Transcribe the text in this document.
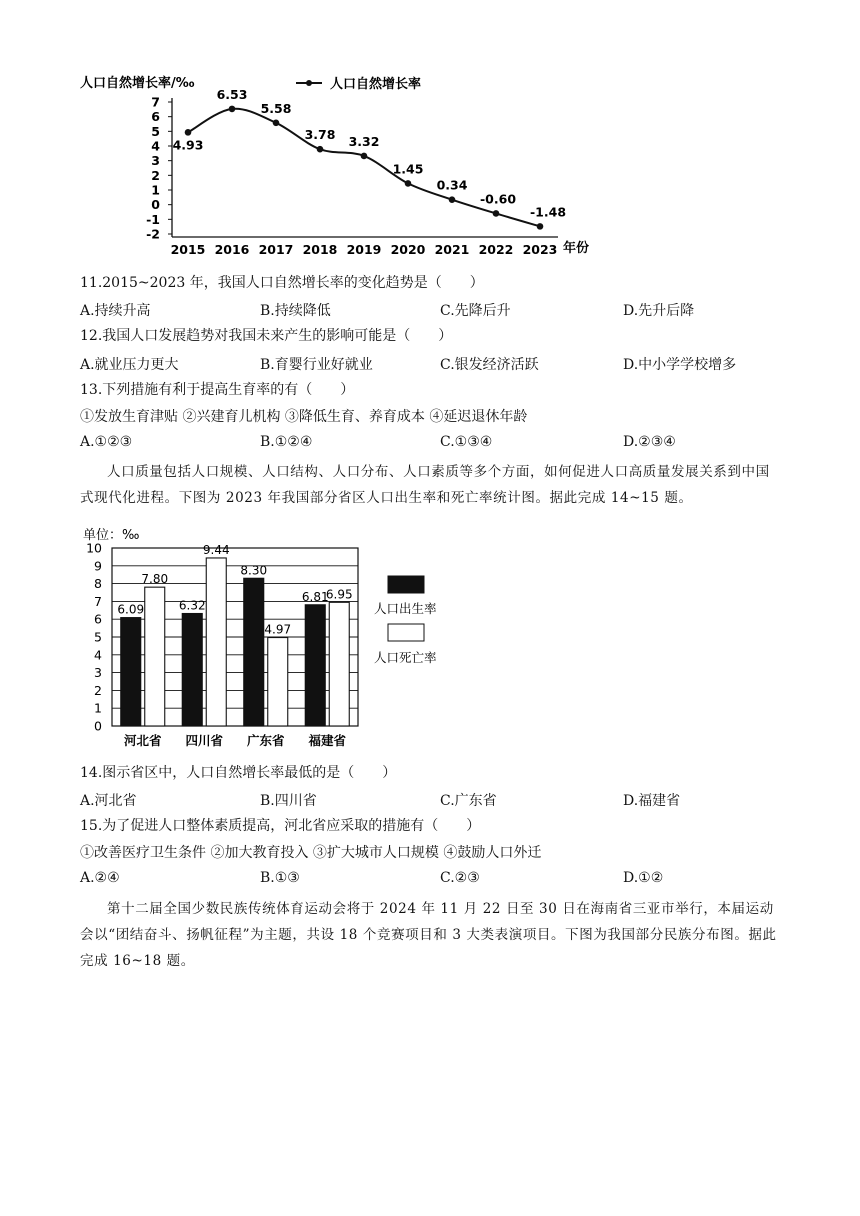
人口自然增长率/‰	人口自然增长率
7
6
5
4
3
2
1
0
-1
-2
2015 2016 2017 2018 2019 2020 2021 2022 2023
4.93
6.53
5.58
3.78 3.32
1.45
0.34
-0.60
-1.48
年份
11.2015~2023 年，我国人口自然增长率的变化趋势是（　　）
A.持续升高	B.持续降低	C.先降后升	D.先升后降
12.我国人口发展趋势对我国未来产生的影响可能是（　　）
A.就业压力更大	B.育婴行业好就业	C.银发经济活跃	D.中小学学校增多
13.下列措施有利于提高生育率的有（　　）
①发放生育津贴 ②兴建育儿机构 ③降低生育、养育成本 ④延迟退休年龄
A.①②③	B.①②④	C.①③④	D.②③④
人口质量包括人口规模、人口结构、人口分布、人口素质等多个方面，如何促进人口高质量发展关系到中国式现代化进程。下图为 2023 年我国部分省区人口出生率和死亡率统计图。据此完成 14~15 题。
单位：‰
0
1
2
3
4
5
6
7
8
9
10
6.09
7.80
6.32
9.44
8.30
4.97
6.81
6.95
河北省 四川省 广东省 福建省
人口出生率
人口死亡率
14.图示省区中，人口自然增长率最低的是（　　）
A.河北省	B.四川省	C.广东省	D.福建省
15.为了促进人口整体素质提高，河北省应采取的措施有（　　）
①改善医疗卫生条件 ②加大教育投入 ③扩大城市人口规模 ④鼓励人口外迁
A.②④	B.①③	C.②③	D.①②
第十二届全国少数民族传统体育运动会将于 2024 年 11 月 22 日至 30 日在海南省三亚市举行，本届运动会以“团结奋斗、扬帆征程”为主题，共设 18 个竞赛项目和 3 大类表演项目。下图为我国部分民族分布图。据此完成 16~18 题。
